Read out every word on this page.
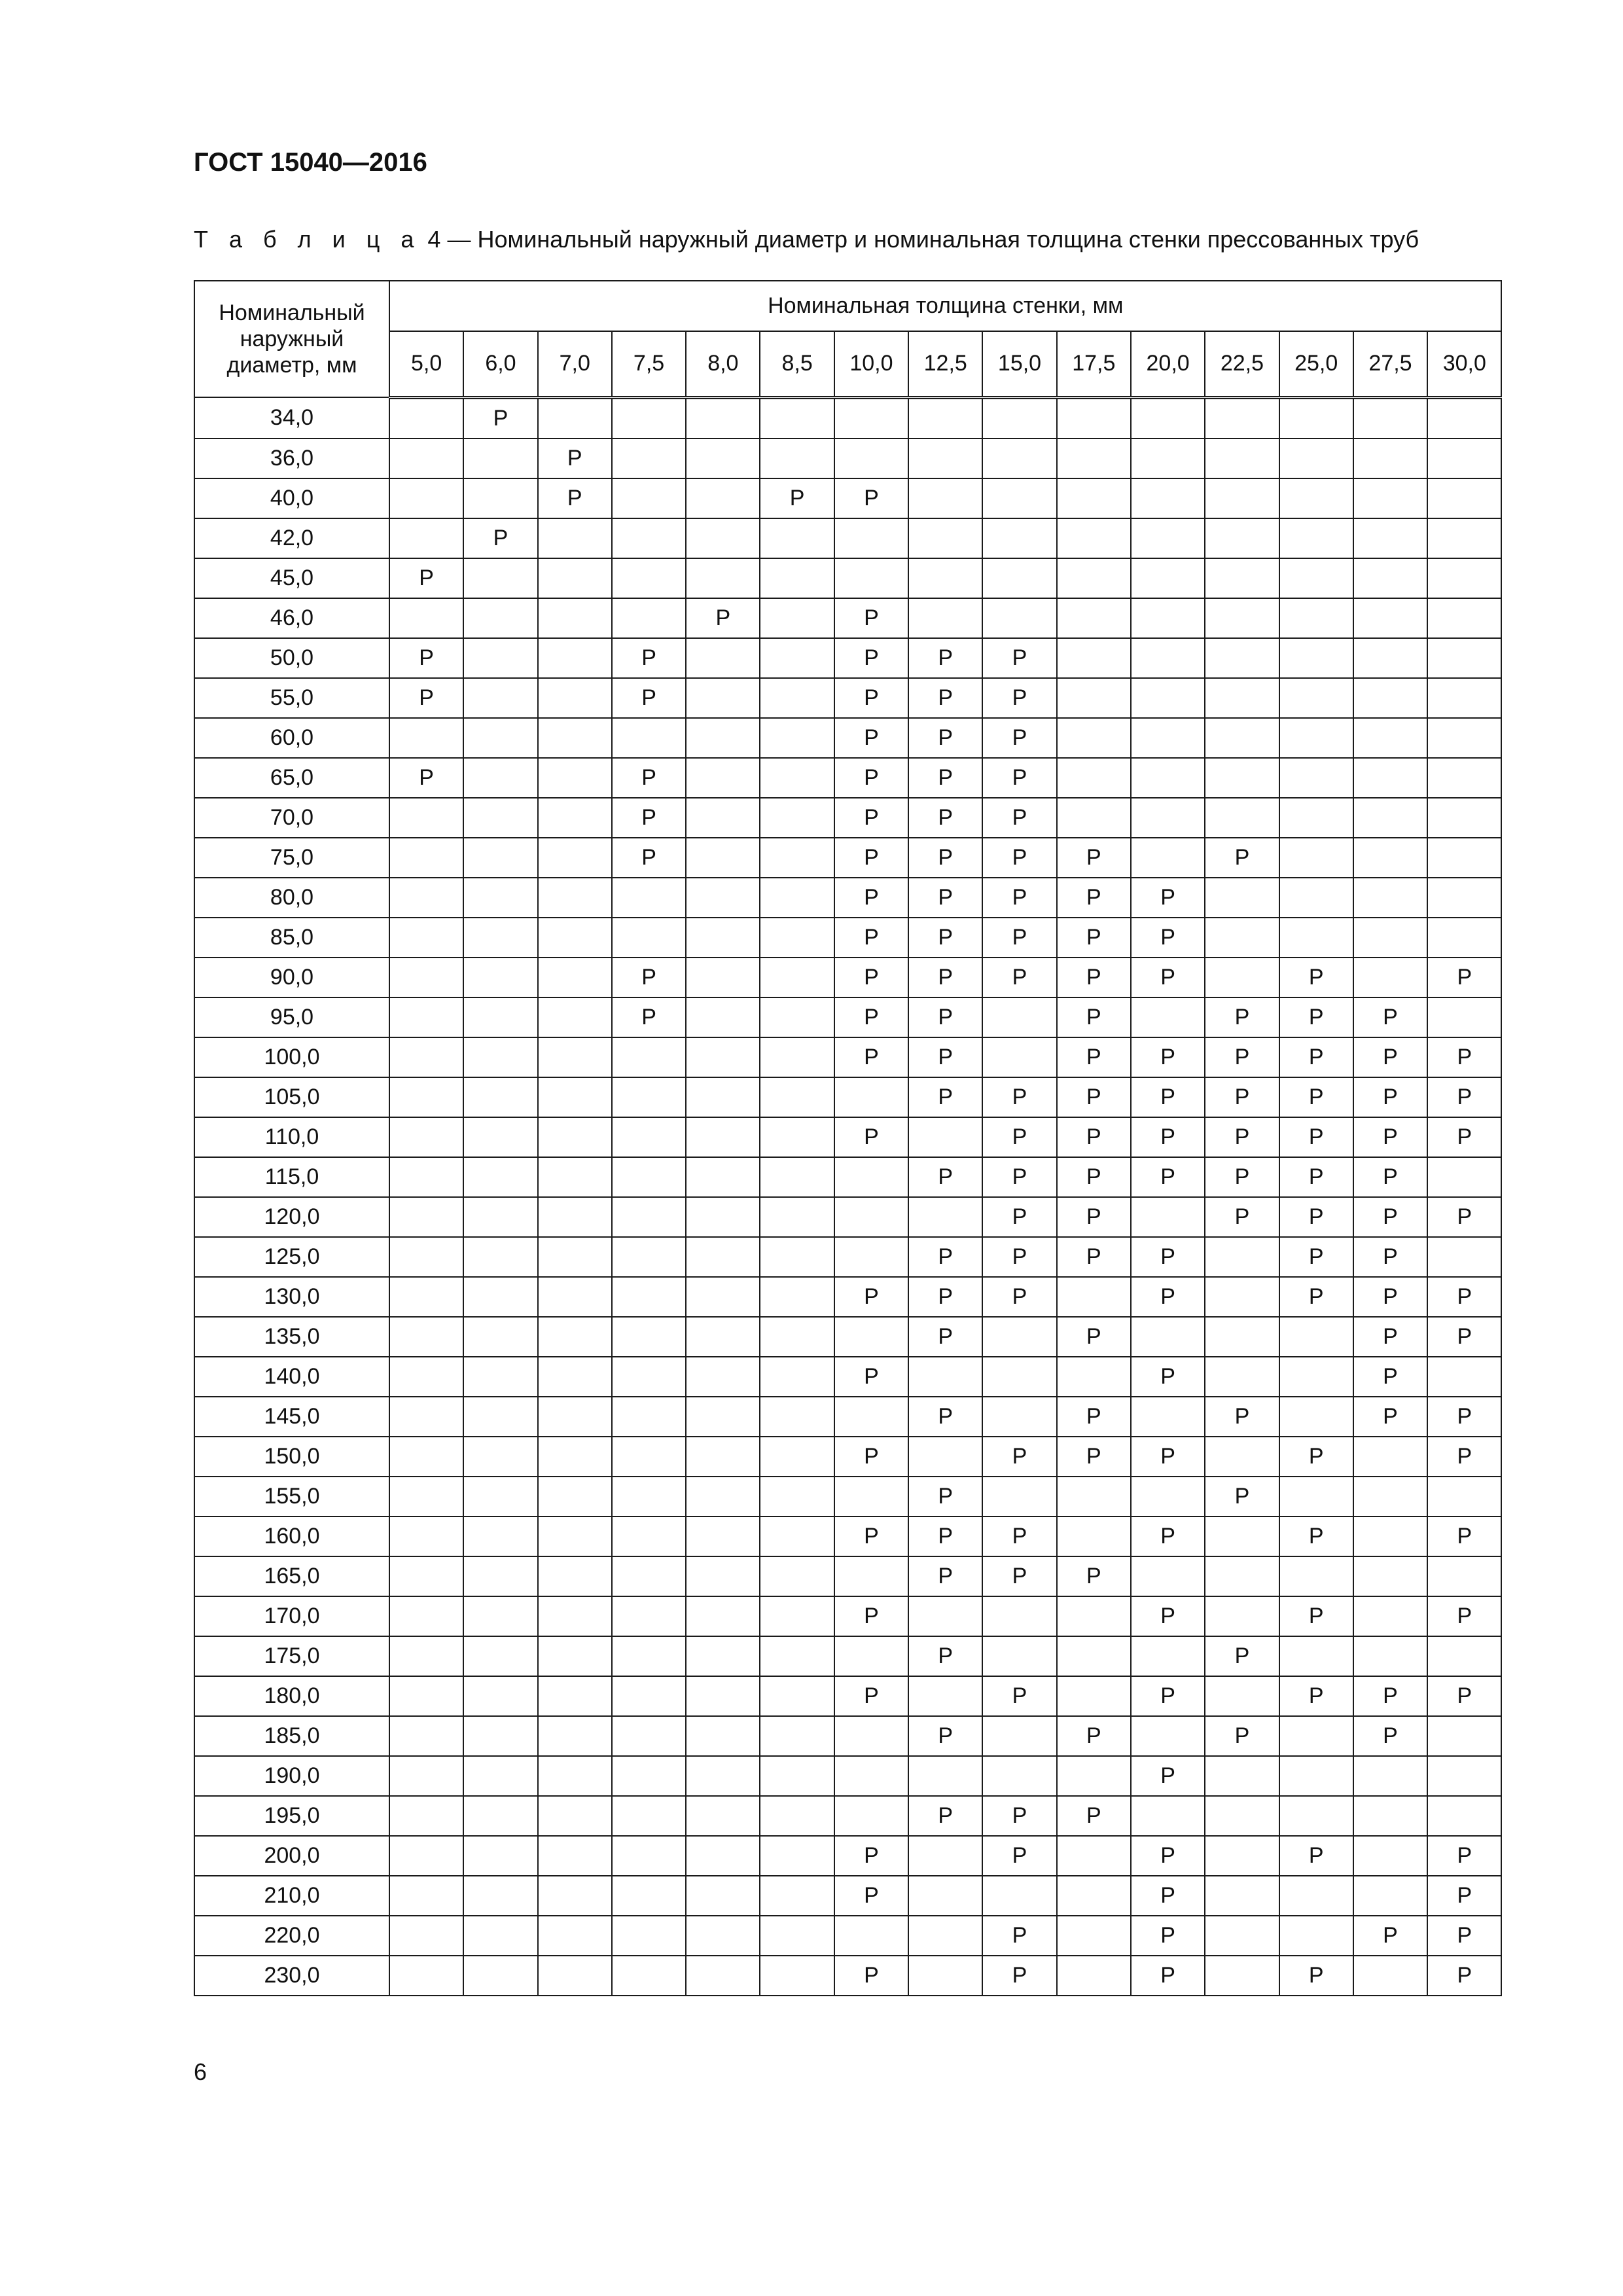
ГОСТ 15040—2016
Т а б л и ц а 4 — Номинальный наружный диаметр и номинальная толщина стенки прессованных труб
Номинальный наружный диаметр, мм	Номинальная толщина стенки, мм														
	5,0	6,0	7,0	7,5	8,0	8,5	10,0	12,5	15,0	17,5	20,0	22,5	25,0	27,5	30,0
34,0		Р													
36,0			Р												
40,0			Р			Р	Р								
42,0		Р													
45,0	Р														
46,0					Р		Р								
50,0	Р			Р			Р	Р	Р						
55,0	Р			Р			Р	Р	Р						
60,0							Р	Р	Р						
65,0	Р			Р			Р	Р	Р						
70,0				Р			Р	Р	Р						
75,0				Р			Р	Р	Р	Р		Р			
80,0							Р	Р	Р	Р	Р				
85,0							Р	Р	Р	Р	Р				
90,0				Р			Р	Р	Р	Р	Р		Р		Р
95,0				Р			Р	Р		Р		Р	Р	Р	
100,0							Р	Р		Р	Р	Р	Р	Р	Р
105,0								Р	Р	Р	Р	Р	Р	Р	Р
110,0							Р		Р	Р	Р	Р	Р	Р	Р
115,0								Р	Р	Р	Р	Р	Р	Р	
120,0									Р	Р		Р	Р	Р	Р
125,0								Р	Р	Р	Р		Р	Р	
130,0							Р	Р	Р		Р		Р	Р	Р
135,0								Р		Р				Р	Р
140,0							Р				Р			Р	
145,0								Р		Р		Р		Р	Р
150,0							Р		Р	Р	Р		Р		Р
155,0								Р				Р			
160,0							Р	Р	Р		Р		Р		Р
165,0								Р	Р	Р					
170,0							Р				Р		Р		Р
175,0								Р				Р			
180,0							Р		Р		Р		Р	Р	Р
185,0								Р		Р		Р		Р	
190,0											Р				
195,0								Р	Р	Р					
200,0							Р		Р		Р		Р		Р
210,0							Р				Р				Р
220,0									Р		Р			Р	Р
230,0							Р		Р		Р		Р		Р
6
